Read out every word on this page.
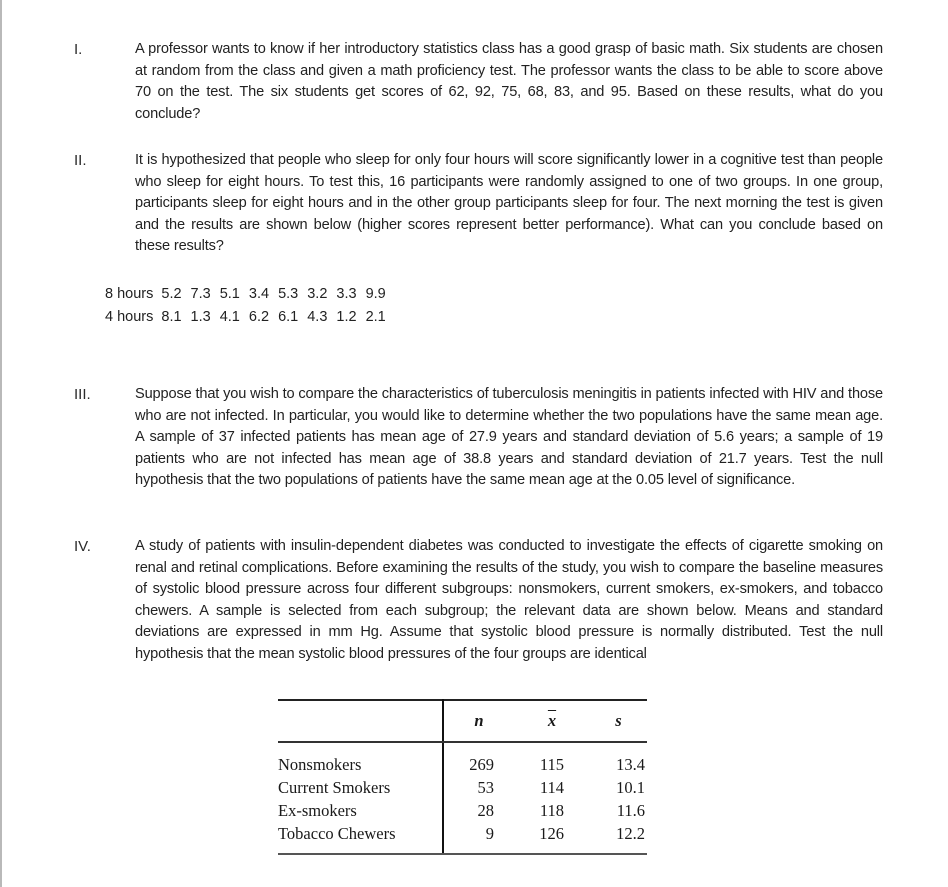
I.	A professor wants to know if her introductory statistics class has a good grasp of basic math. Six students are chosen at random from the class and given a math proficiency test. The professor wants the class to be able to score above 70 on the test. The six students get scores of 62, 92, 75, 68, 83, and 95. Based on these results, what do you conclude?
II.	It is hypothesized that people who sleep for only four hours will score significantly lower in a cognitive test than people who sleep for eight hours. To test this, 16 participants were randomly assigned to one of two groups. In one group, participants sleep for eight hours and in the other group participants sleep for four. The next morning the test is given and the results are shown below (higher scores represent better performance). What can you conclude based on these results?
8 hours	5.2	7.3	5.1	3.4	5.3	3.2	3.3	9.9
4 hours	8.1	1.3	4.1	6.2	6.1	4.3	1.2	2.1
III.	Suppose that you wish to compare the characteristics of tuberculosis meningitis in patients infected with HIV and those who are not infected. In particular, you would like to determine whether the two populations have the same mean age. A sample of 37 infected patients has mean age of 27.9 years and standard deviation of 5.6 years; a sample of 19 patients who are not infected has mean age of 38.8 years and standard deviation of 21.7 years. Test the null hypothesis that the two populations of patients have the same mean age at the 0.05 level of significance.
IV.	A study of patients with insulin-dependent diabetes was conducted to investigate the effects of cigarette smoking on renal and retinal complications. Before examining the results of the study, you wish to compare the baseline measures of systolic blood pressure across four different subgroups: nonsmokers, current smokers, ex-smokers, and tobacco chewers. A sample is selected from each subgroup; the relevant data are shown below. Means and standard deviations are expressed in mm Hg. Assume that systolic blood pressure is normally distributed. Test the null hypothesis that the mean systolic blood pressures of the four groups are identical
	n	$\overline{x}$	s
Nonsmokers	269	115	13.4
Current Smokers	53	114	10.1
Ex-smokers	28	118	11.6
Tobacco Chewers	9	126	12.2
